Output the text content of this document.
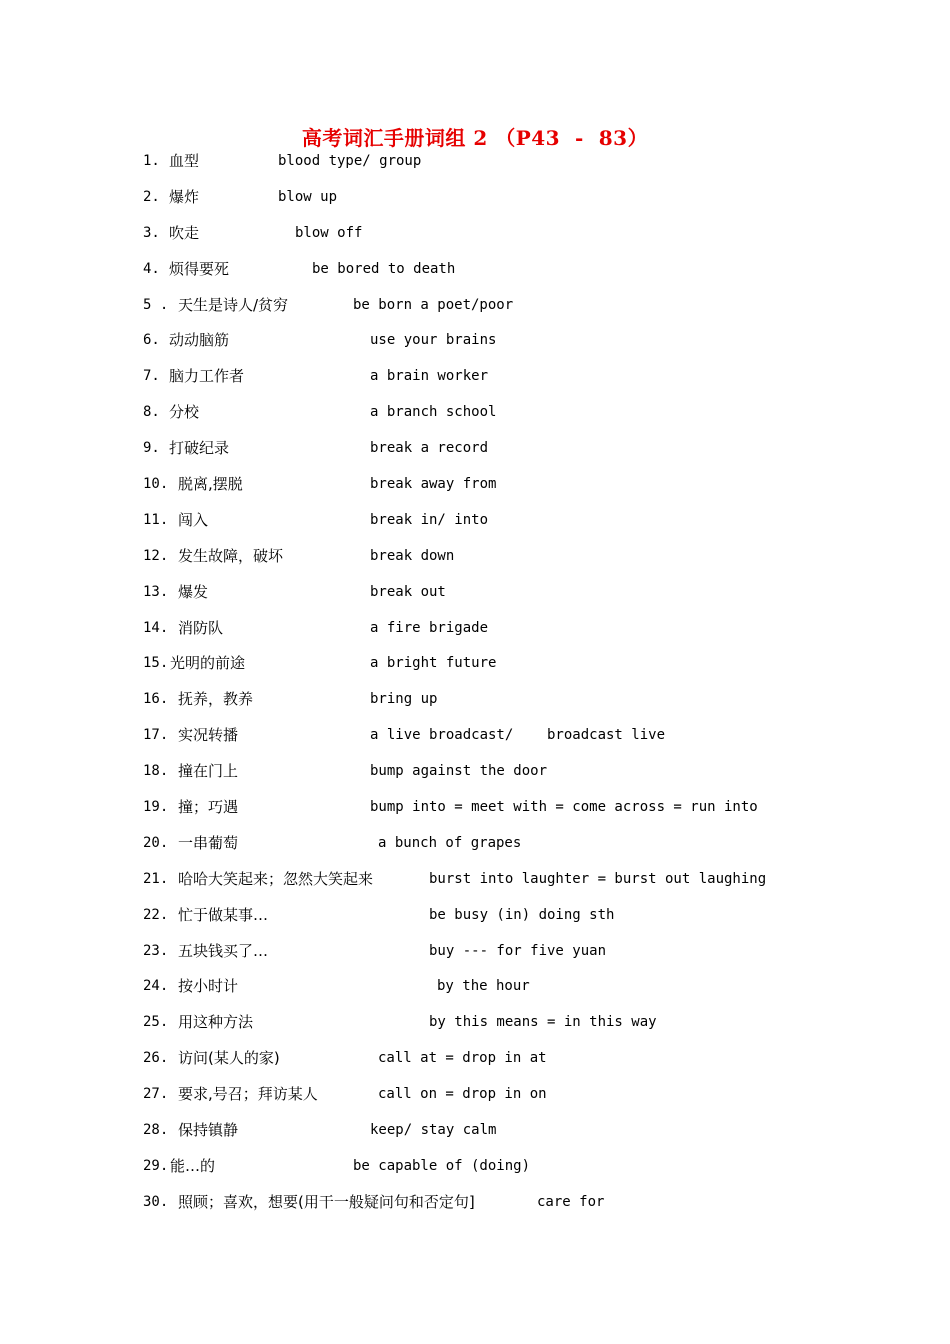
高考词汇手册词组 2 （P43  -  83）
1. 血型	blood type/ group
2. 爆炸	blow up
3. 吹走	blow off
4. 烦得要死	be bored to death
5 . 天生是诗人/贫穷	be born a poet/poor
6. 动动脑筋	use your brains
7. 脑力工作者	a brain worker
8. 分校	a branch school
9. 打破纪录	break a record
10. 脱离,摆脱	break away from
11. 闯入	break in/ into
12. 发生故障，破坏	break down
13. 爆发	break out
14. 消防队	a fire brigade
15. 光明的前途	a bright future
16. 抚养，教养	bring up
17. 实况转播	a live broadcast/    broadcast live
18. 撞在门上	bump against the door
19. 撞；巧遇	bump into = meet with = come across = run into
20. 一串葡萄	a bunch of grapes
21. 哈哈大笑起来；忽然大笑起来	burst into laughter = burst out laughing
22. 忙于做某事…	be busy (in) doing sth
23. 五块钱买了…	buy --- for five yuan
24. 按小时计	by the hour
25. 用这种方法	by this means = in this way
26. 访问(某人的家)	call at = drop in at
27. 要求,号召；拜访某人	call on = drop in on
28. 保持镇静	keep/ stay calm
29. 能…的	be capable of (doing)
30. 照顾；喜欢，想要(用干一般疑问句和否定句]	care for
